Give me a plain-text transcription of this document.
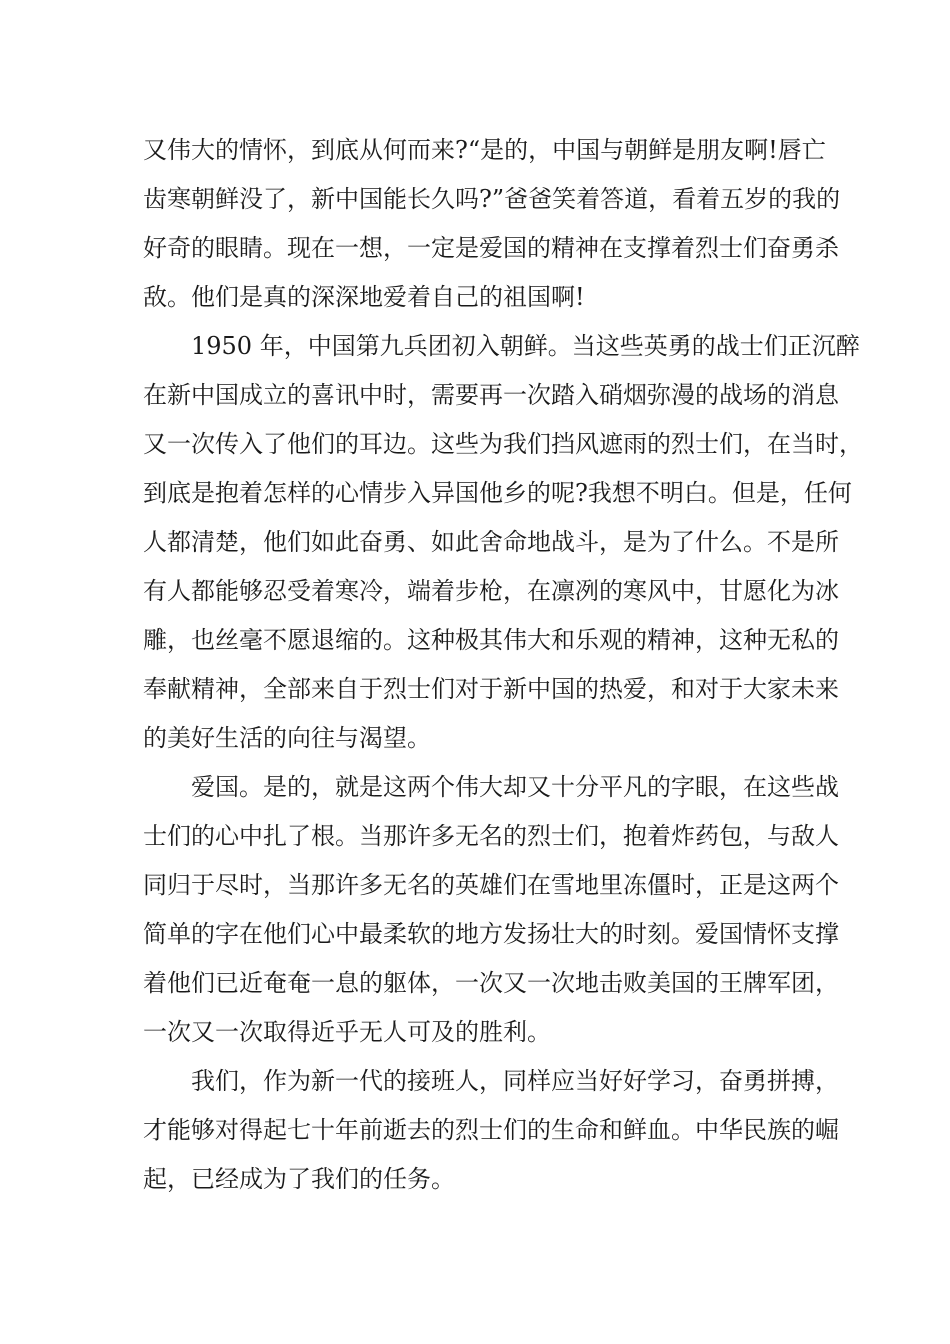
又伟大的情怀，到底从何而来?“是的，中国与朝鲜是朋友啊!唇亡
齿寒朝鲜没了，新中国能长久吗?”爸爸笑着答道，看着五岁的我的
好奇的眼睛。现在一想，一定是爱国的精神在支撑着烈士们奋勇杀
敌。他们是真的深深地爱着自己的祖国啊!
1950 年，中国第九兵团初入朝鲜。当这些英勇的战士们正沉醉
在新中国成立的喜讯中时，需要再一次踏入硝烟弥漫的战场的消息
又一次传入了他们的耳边。这些为我们挡风遮雨的烈士们，在当时，
到底是抱着怎样的心情步入异国他乡的呢?我想不明白。但是，任何
人都清楚，他们如此奋勇、如此舍命地战斗，是为了什么。不是所
有人都能够忍受着寒冷，端着步枪，在凛冽的寒风中，甘愿化为冰
雕，也丝毫不愿退缩的。这种极其伟大和乐观的精神，这种无私的
奉献精神，全部来自于烈士们对于新中国的热爱，和对于大家未来
的美好生活的向往与渴望。
爱国。是的，就是这两个伟大却又十分平凡的字眼，在这些战
士们的心中扎了根。当那许多无名的烈士们，抱着炸药包，与敌人
同归于尽时，当那许多无名的英雄们在雪地里冻僵时，正是这两个
简单的字在他们心中最柔软的地方发扬壮大的时刻。爱国情怀支撑
着他们已近奄奄一息的躯体，一次又一次地击败美国的王牌军团，
一次又一次取得近乎无人可及的胜利。
我们，作为新一代的接班人，同样应当好好学习，奋勇拼搏，
才能够对得起七十年前逝去的烈士们的生命和鲜血。中华民族的崛
起，已经成为了我们的任务。
